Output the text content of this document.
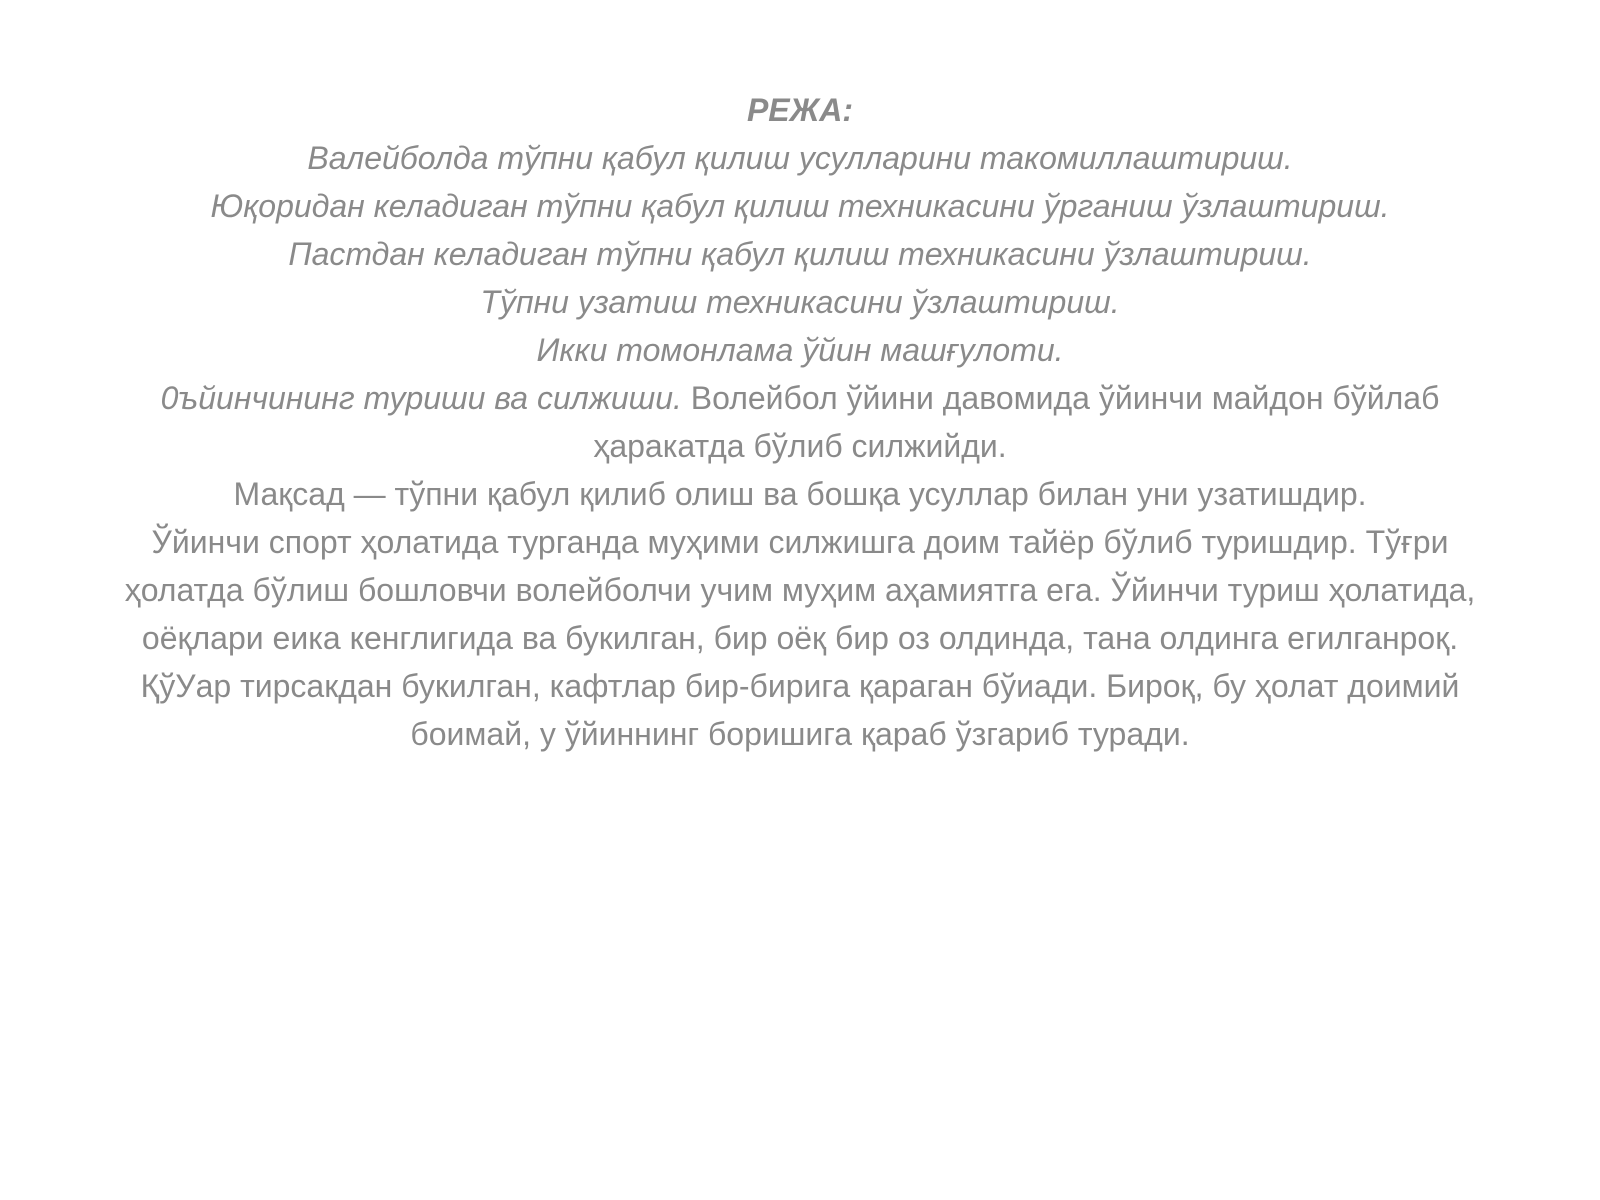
РЕЖА:
Валейболда тўпни қабул қилиш усулларини такомиллаштириш.
Юқоридан келадиган тўпни қабул қилиш техникасини ўрганиш ўзлаштириш.
Пастдан келадиган тўпни қабул қилиш техникасини ўзлаштириш.
Тўпни узатиш техникасини ўзлаштириш.
Икки томонлама ўйин машғулоти.

0ъйинчининг туриши ва силжиши. Волейбол ўйини давомида ўйинчи майдон бўйлаб ҳаракатда бўлиб силжийди.

Мақсад — тўпни қабул қилиб олиш ва бошқа усуллар билан уни узатишдир.

Ўйинчи спорт ҳолатида турганда муҳими силжишга доим тайёр бўлиб туришдир. Тўғри ҳолатда бўлиш бошловчи волейболчи учим муҳим аҳамиятга ега. Ўйинчи туриш ҳолатида, оёқлари еика кенглигида ва букилган, бир оёқ бир оз олдинда, тана олдинга егилганроқ. ҚўУар тирсакдан букилган, кафтлар бир-бирига қараган бўиади. Бироқ, бу ҳолат доимий боимай, у ўйиннинг боришига қараб ўзгариб туради.
